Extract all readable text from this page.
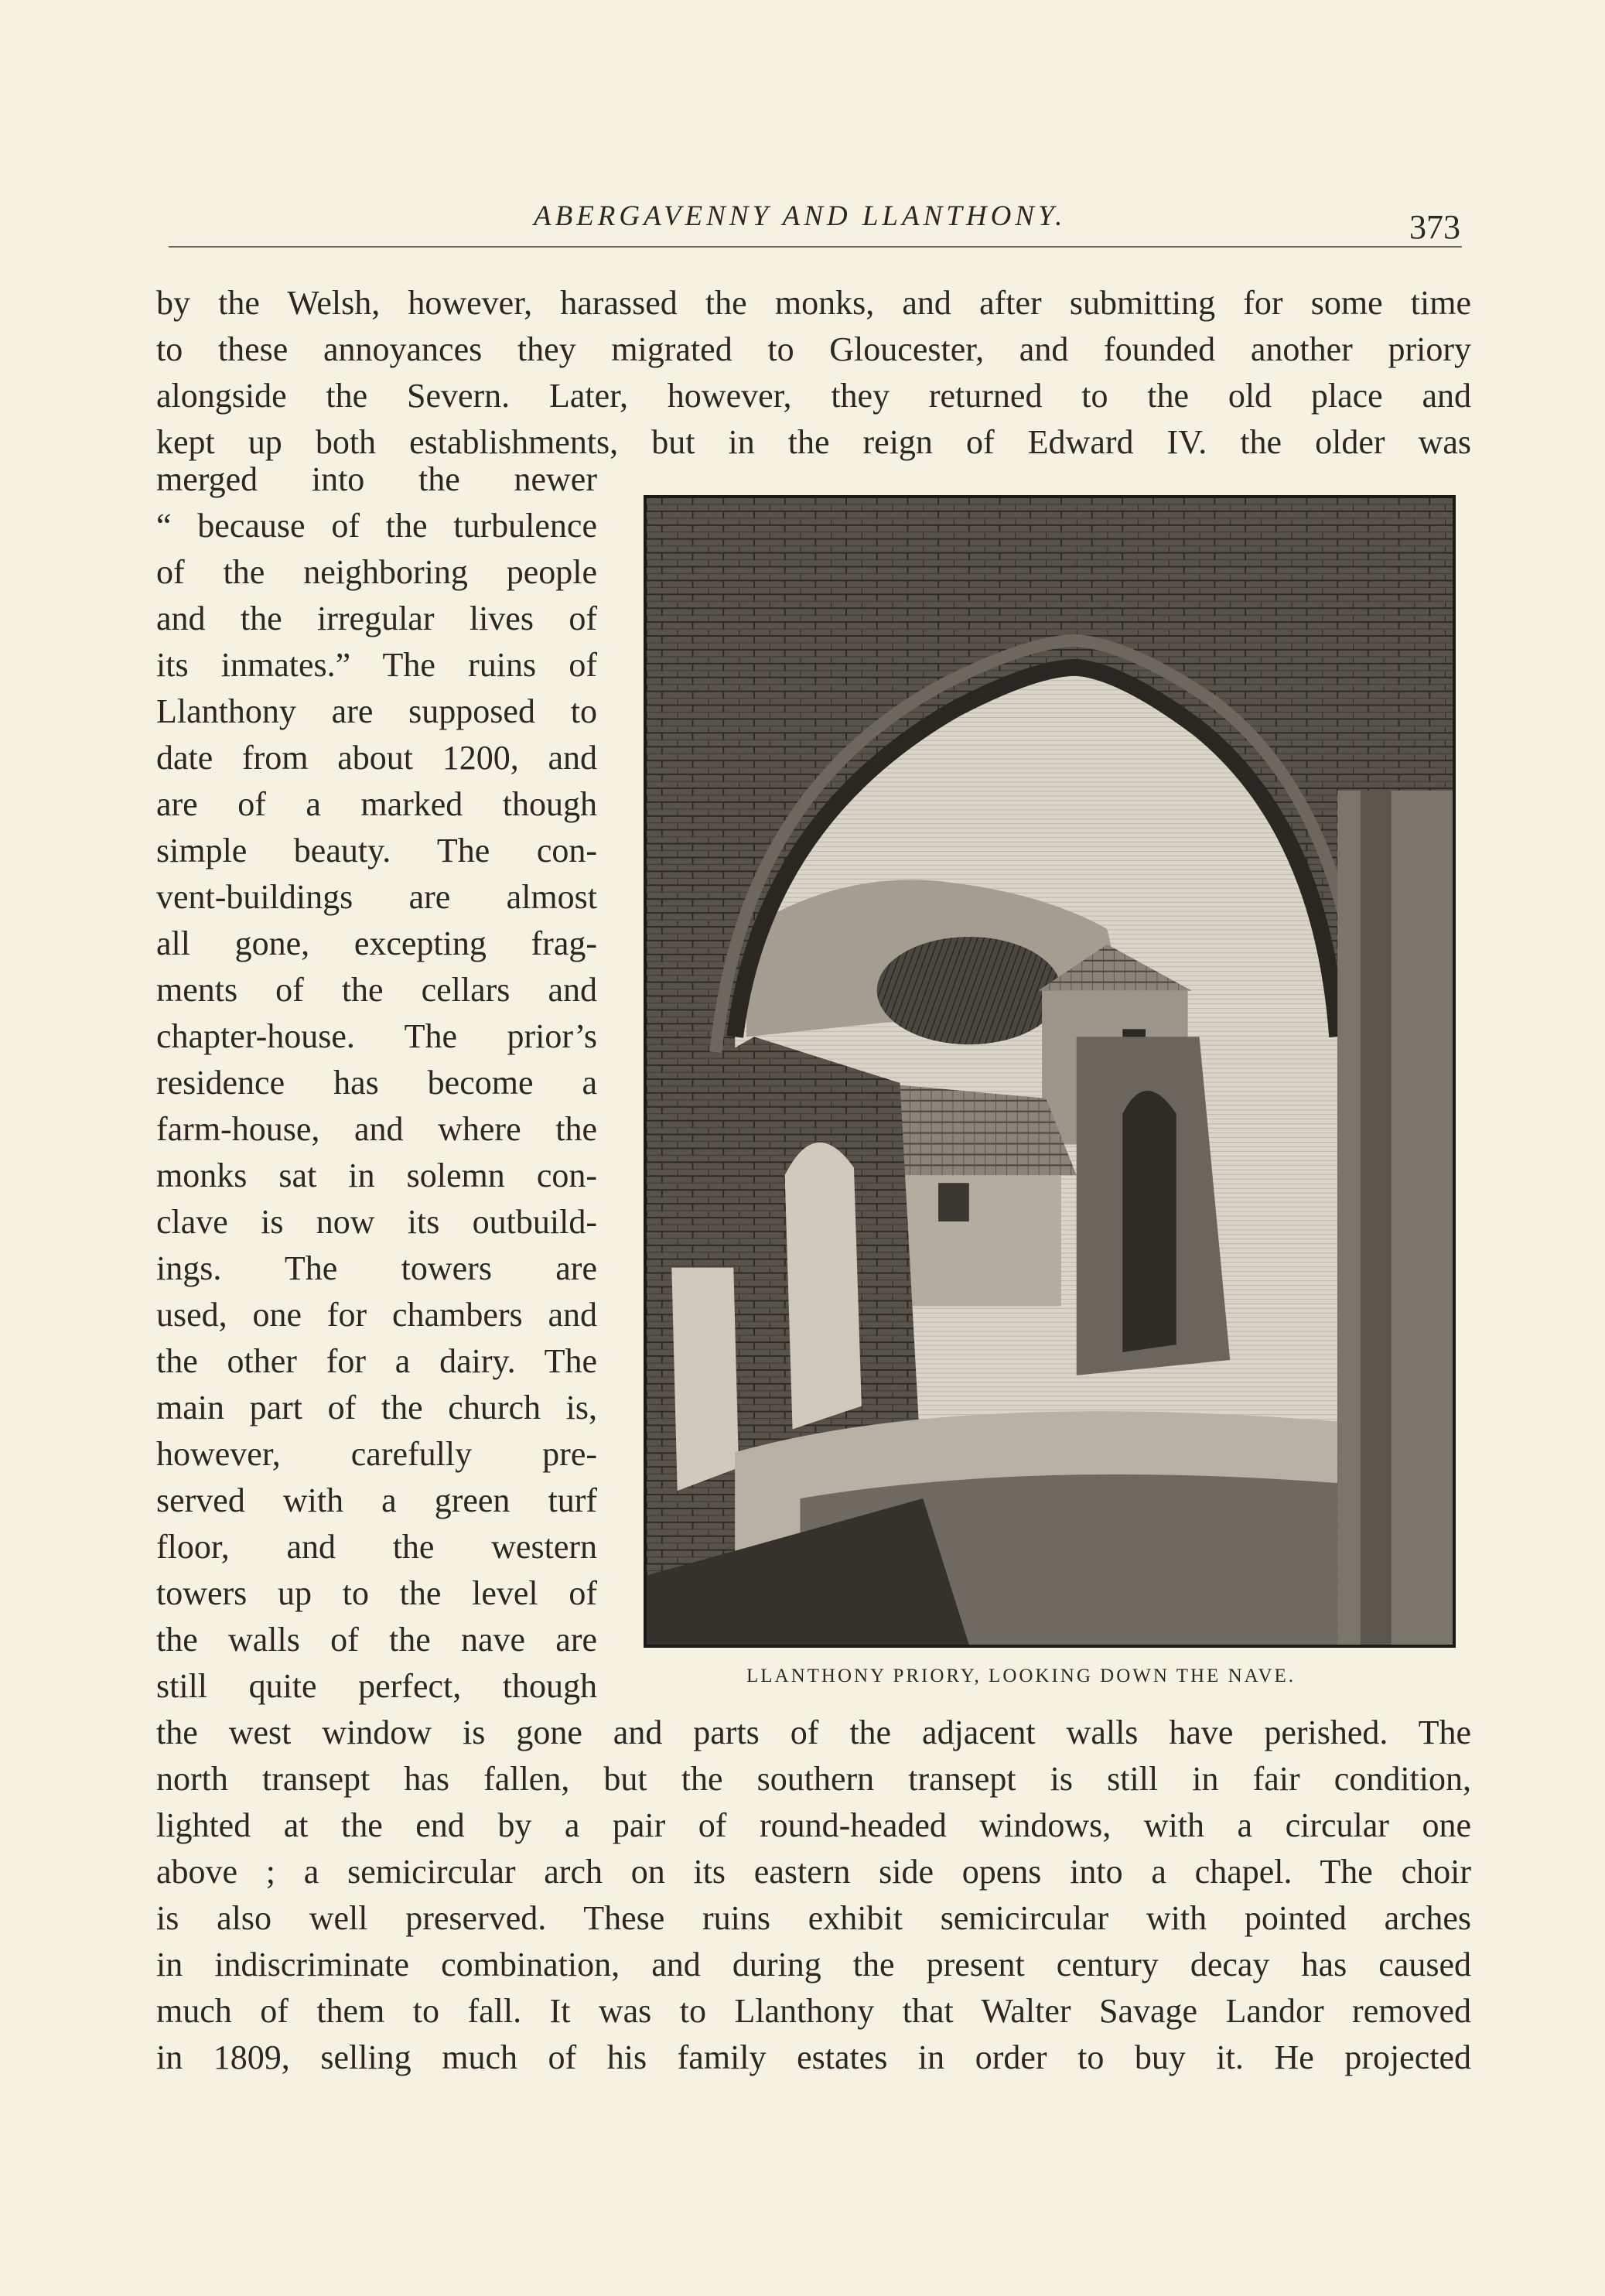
ABERGAVENNY AND LLANTHONY.	373
by the Welsh, however, harassed the monks, and after submitting for some time
to these annoyances they migrated to Gloucester, and founded another priory
alongside the Severn. Later, however, they returned to the old place and
kept up both establishments, but in the reign of Edward IV. the older was
merged into the newer
“ because of the turbulence
of the neighboring people
and the irregular lives of
its inmates.” The ruins of
Llanthony are supposed to
date from about 1200, and
are of a marked though
simple beauty. The con-
vent-buildings are almost
all gone, excepting frag-
ments of the cellars and
chapter-house. The prior’s
residence has become a
farm-house, and where the
monks sat in solemn con-
clave is now its outbuild-
ings. The towers are
used, one for chambers and
the other for a dairy. The
main part of the church is,
however, carefully pre-
served with a green turf
floor, and the western
towers up to the level of
the walls of the nave are
still quite perfect, though	LLANTHONY PRIORY, LOOKING DOWN THE NAVE.
the west window is gone and parts of the adjacent walls have perished. The
north transept has fallen, but the southern transept is still in fair condition,
lighted at the end by a pair of round-headed windows, with a circular one
above ; a semicircular arch on its eastern side opens into a chapel. The choir
is also well preserved. These ruins exhibit semicircular with pointed arches
in indiscriminate combination, and during the present century decay has caused
much of them to fall. It was to Llanthony that Walter Savage Landor removed
in 1809, selling much of his family estates in order to buy it. He projected
